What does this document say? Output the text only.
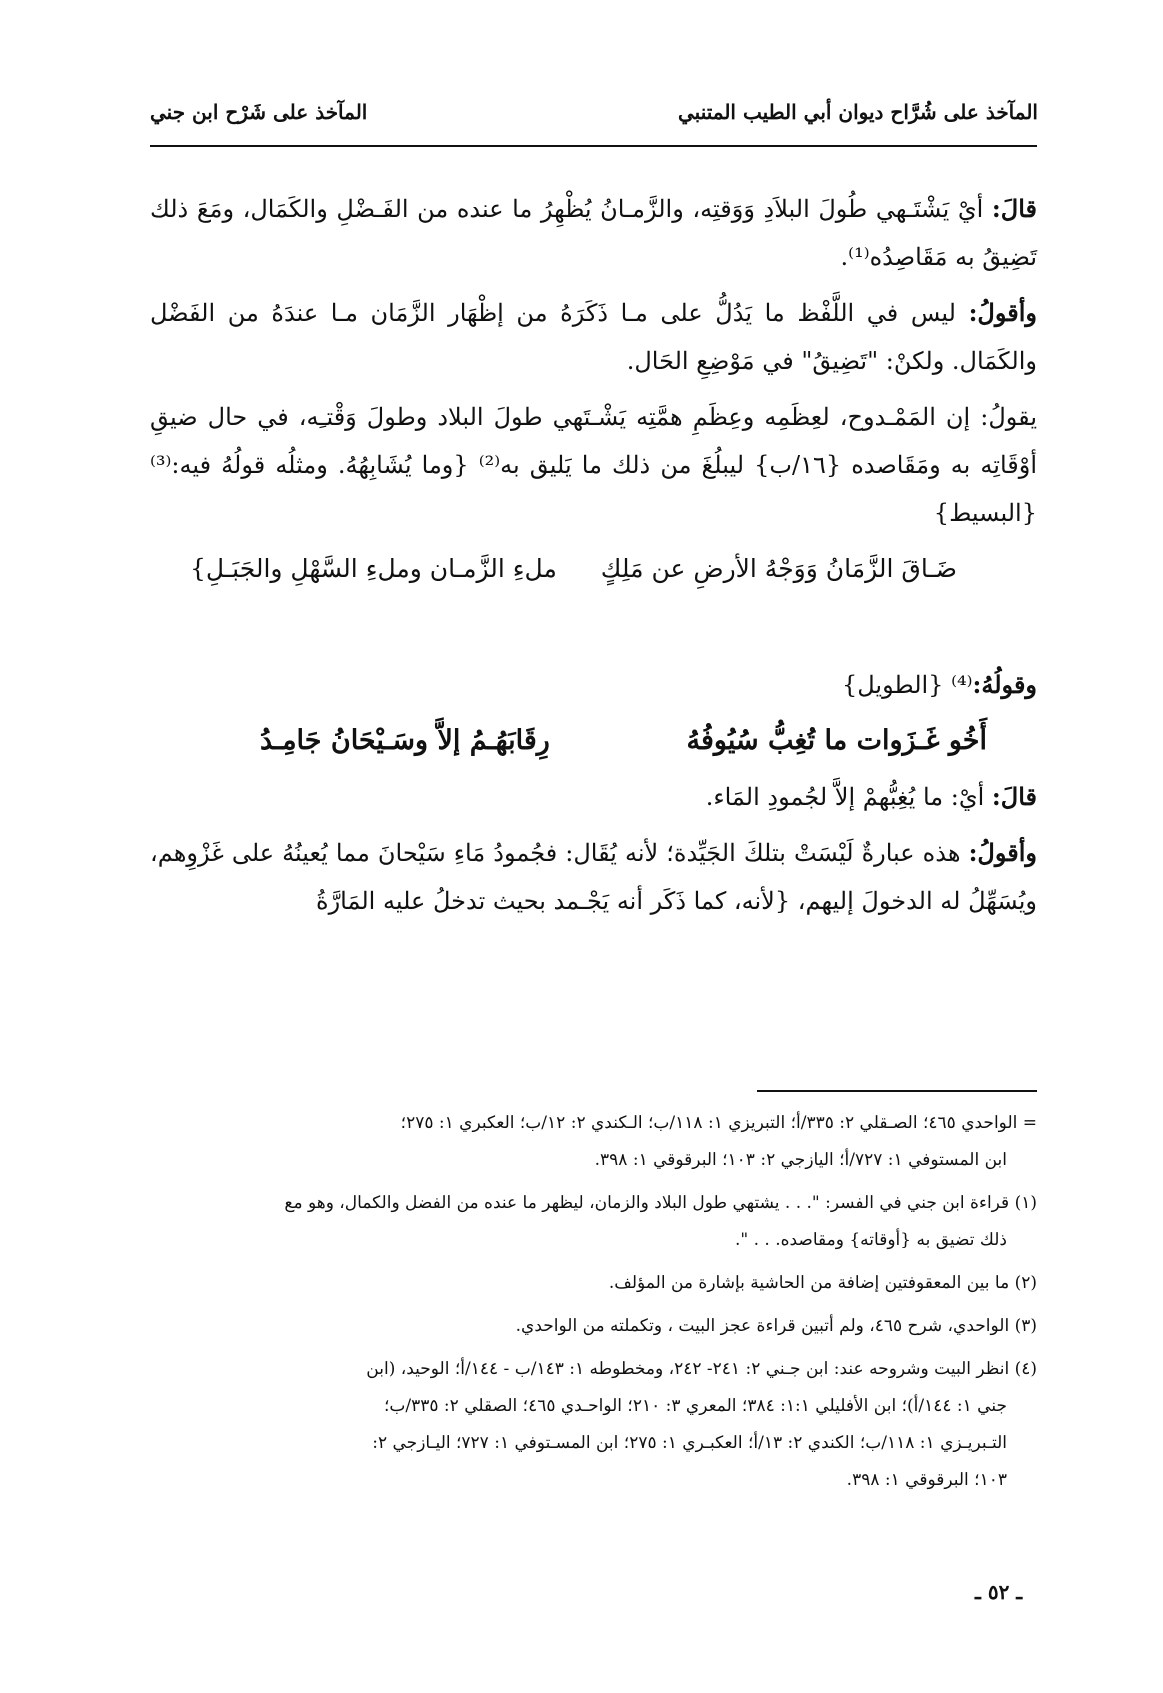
المآخذ على شُرَّاح ديوان أبي الطيب المتنبي
المآخذ على شَرْح ابن جني

قالَ: أيْ يَشْتَـهي طُولَ البلاَدِ وَوَقتِه، والزَّمـانُ يُظْهِرُ ما عنده من الفَـضْلِ والكَمَال، ومَعَ ذلك تَضِيقُ به مَقَاصِدُه⁽¹⁾.

وأقولُ: ليس في اللَّفْظ ما يَدُلُّ على مـا ذَكَرَهُ من إظْهَار الزَّمَان مـا عندَهُ من الفَضْل والكَمَال. ولكنْ: "تَضِيقُ" في مَوْضِعِ الحَال.

يقولُ: إن المَمْـدوح، لعِظَمِه وعِظَمِ همَّتِه يَشْـتَهي طولَ البلاد وطولَ وَقْتـِه، في حال ضيقِ أوْقَاتِه به ومَقَاصده {١٦/ب} ليبلُغَ من ذلك ما يَليق به⁽²⁾ {وما يُشَابِهُهُ. ومثلُه قولُهُ فيه:⁽³⁾ {البسيط}

ضَـاقَ الزَّمَانُ وَوَجْهُ الأرضِ عن مَلِكٍ
ملءِ الزَّمـان وملءِ السَّهْلِ والجَبَـلِ}

وقولُهُ:⁽⁴⁾ {الطويل}

أَخُو غَـزَوات ما تُغِبُّ سُيُوفُهُ
رِقَابَهُـمُ إلاَّ وسَـيْحَانُ جَامِـدُ

قالَ: أيْ: ما يُغِبُّهمْ إلاَّ لجُمودِ المَاء.

وأقولُ: هذه عبارةٌ لَيْسَتْ بتلكَ الجَيِّدة؛ لأنه يُقَال: فجُمودُ مَاءِ سَيْحانَ مما يُعينُهُ على غَزْوِهم، ويُسَهِّلُ له الدخولَ إليهم، {لأنه، كما ذَكَر أنه يَجْـمد بحيث تدخلُ عليه المَارَّةُ

= الواحدي ٤٦٥؛ الصـقلي ٢: ٣٣٥/أ؛ التبريزي ١: ١١٨/ب؛ الـكندي ٢: ١٢/ب؛ العكبري ١: ٢٧٥؛
ابن المستوفي ١: ٧٢٧/أ؛ اليازجي ٢: ١٠٣؛ البرقوقي ١: ٣٩٨.
(١) قراءة ابن جني في الفسر: ". . . يشتهي طول البلاد والزمان، ليظهر ما عنده من الفضل والكمال، وهو مع
ذلك تضيق به {أوقاته} ومقاصده. . . ".
(٢) ما بين المعقوفتين إضافة من الحاشية بإشارة من المؤلف.
(٣) الواحدي، شرح ٤٦٥، ولم أتبين قراءة عجز البيت ، وتكملته من الواحدي.
(٤) انظر البيت وشروحه عند: ابن جـني ٢: ٢٤١- ٢٤٢، ومخطوطه ١: ١٤٣/ب - ١٤٤/أ؛ الوحيد، (ابن
جني ١: ١٤٤/أ)؛ ابن الأفليلي ١:١: ٣٨٤؛ المعري ٣: ٢١٠؛ الواحـدي ٤٦٥؛ الصقلي ٢: ٣٣٥/ب؛
التـبريـزي ١: ١١٨/ب؛ الكندي ٢: ١٣/أ؛ العكبـري ١: ٢٧٥؛ ابن المسـتوفي ١: ٧٢٧؛ اليـازجي ٢:
١٠٣؛ البرقوقي ١: ٣٩٨.
ـ ٥٢ ـ
